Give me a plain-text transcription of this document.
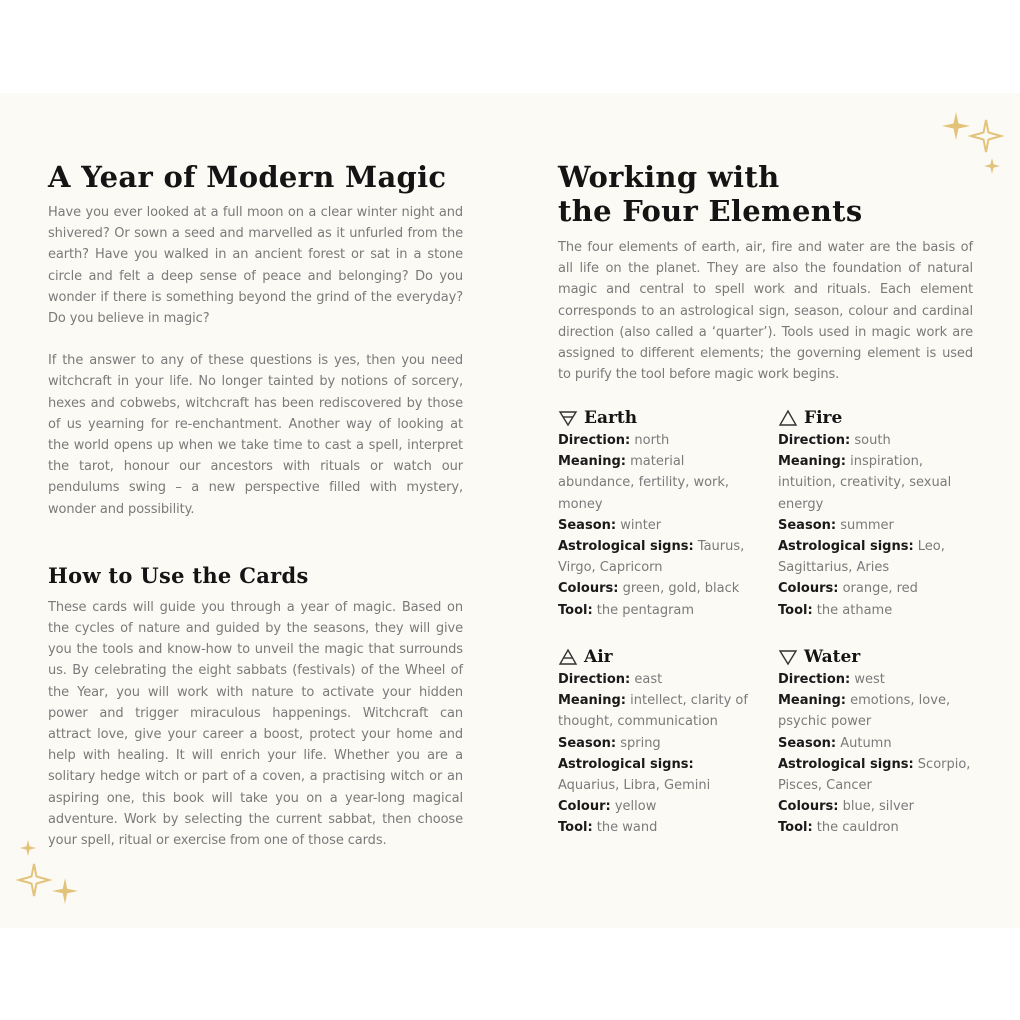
A Year of Modern Magic

Have you ever looked at a full moon on a clear winter night and shivered? Or sown a seed and marvelled as it unfurled from the earth? Have you walked in an ancient forest or sat in a stone circle and felt a deep sense of peace and belonging? Do you wonder if there is something beyond the grind of the everyday? Do you believe in magic?

If the answer to any of these questions is yes, then you need witchcraft in your life. No longer tainted by notions of sorcery, hexes and cobwebs, witchcraft has been rediscovered by those of us yearning for re-enchantment. Another way of looking at the world opens up when we take time to cast a spell, interpret the tarot, honour our ancestors with rituals or watch our pendulums swing – a new perspective filled with mystery, wonder and possibility.

How to Use the Cards

These cards will guide you through a year of magic. Based on the cycles of nature and guided by the seasons, they will give you the tools and know-how to unveil the magic that surrounds us. By celebrating the eight sabbats (festivals) of the Wheel of the Year, you will work with nature to activate your hidden power and trigger miraculous happenings. Witchcraft can attract love, give your career a boost, protect your home and help with healing. It will enrich your life. Whether you are a solitary hedge witch or part of a coven, a practising witch or an aspiring one, this book will take you on a year-long magical adventure. Work by selecting the current sabbat, then choose your spell, ritual or exercise from one of those cards.

Working with
the Four Elements

The four elements of earth, air, fire and water are the basis of all life on the planet. They are also the foundation of natural magic and central to spell work and rituals. Each element corresponds to an astrological sign, season, colour and cardinal direction (also called a ‘quarter’). Tools used in magic work are assigned to different elements; the governing element is used to purify the tool before magic work begins.

Earth
Direction: north
Meaning: material abundance, fertility, work, money
Season: winter
Astrological signs: Taurus, Virgo, Capricorn
Colours: green, gold, black
Tool: the pentagram
Fire
Direction: south
Meaning: inspiration, intuition, creativity, sexual energy
Season: summer
Astrological signs: Leo, Sagittarius, Aries
Colours: orange, red
Tool: the athame
Air
Direction: east
Meaning: intellect, clarity of thought, communication
Season: spring
Astrological signs: Aquarius, Libra, Gemini
Colour: yellow
Tool: the wand
Water
Direction: west
Meaning: emotions, love, psychic power
Season: Autumn
Astrological signs: Scorpio, Pisces, Cancer
Colours: blue, silver
Tool: the cauldron
